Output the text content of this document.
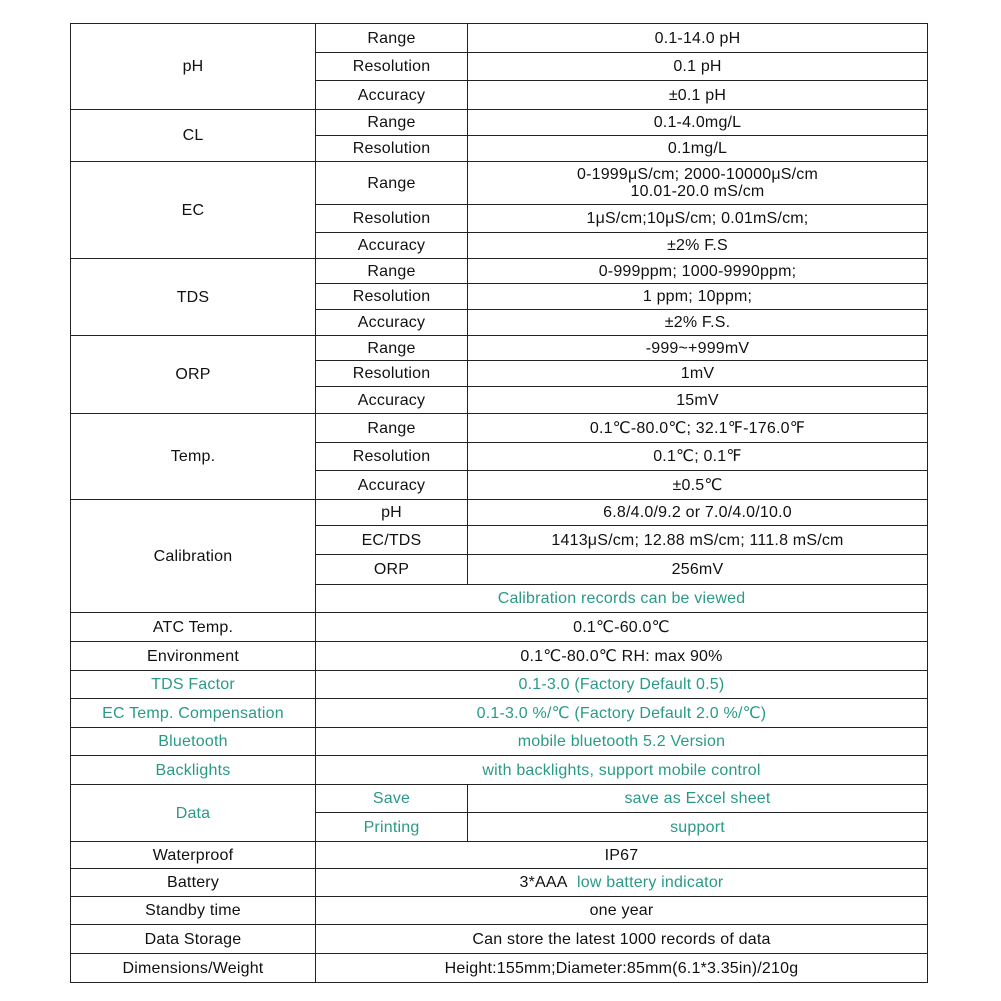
pH	Range	0.1-14.0 pH
	Resolution	0.1 pH
	Accuracy	±0.1 pH
CL	Range	0.1-4.0mg/L
	Resolution	0.1mg/L
EC	Range	0-1999μS/cm; 2000-10000μS/cm
10.01-20.0 mS/cm

	Resolution	1μS/cm;10μS/cm; 0.01mS/cm;
	Accuracy	±2% F.S
TDS	Range	0-999ppm; 1000-9990ppm;
	Resolution	1 ppm; 10ppm;
	Accuracy	±2% F.S.
ORP	Range	-999~+999mV
	Resolution	1mV
	Accuracy	15mV
Temp.	Range	0.1℃-80.0℃; 32.1℉-176.0℉
	Resolution	0.1℃; 0.1℉
	Accuracy	±0.5℃
Calibration	pH	6.8/4.0/9.2 or 7.0/4.0/10.0
	EC/TDS	1413μS/cm; 12.88 mS/cm; 111.8 mS/cm
	ORP	256mV
	Calibration records can be viewed	
ATC Temp.	0.1℃-60.0℃	
Environment	0.1℃-80.0℃ RH: max 90%	
TDS Factor	0.1-3.0 (Factory Default 0.5)	
EC Temp. Compensation	0.1-3.0 %/℃ (Factory Default 2.0 %/℃)	
Bluetooth	mobile bluetooth 5.2 Version	
Backlights	with backlights, support mobile control	
Data	Save	save as Excel sheet
	Printing	support
Waterproof	IP67	
Battery	3*AAA low battery indicator	
Standby time	one year	
Data Storage	Can store the latest 1000 records of data	
Dimensions/Weight	Height:155mm;Diameter:85mm(6.1*3.35in)/210g	
